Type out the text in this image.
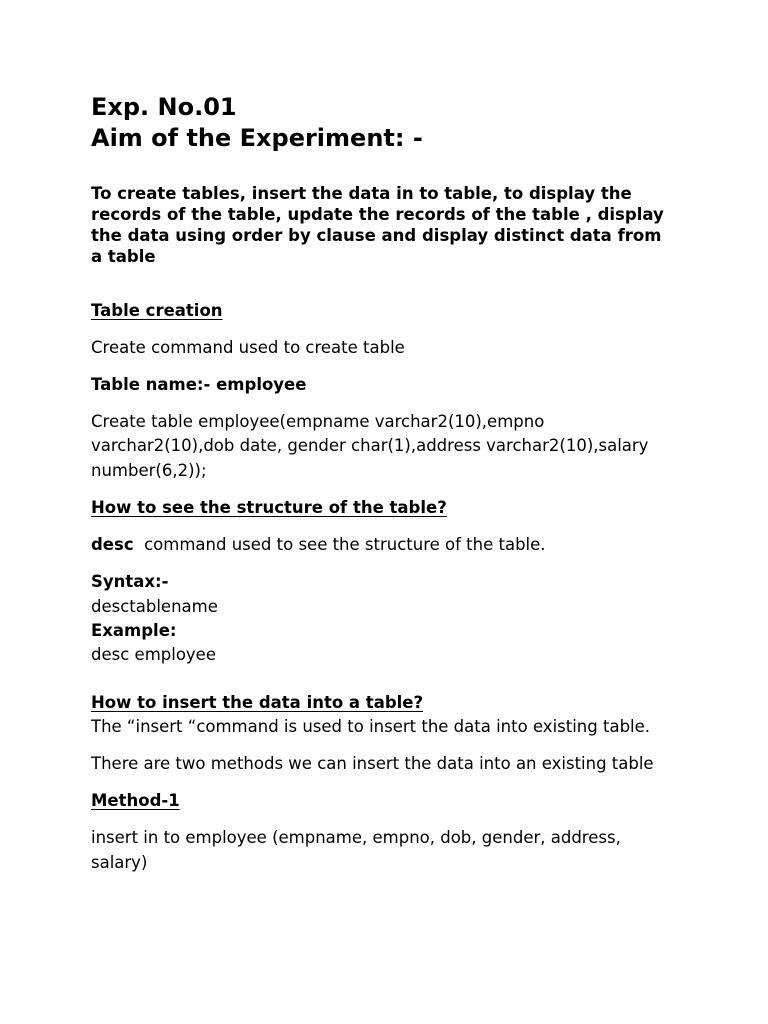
Exp. No.01
Aim of the Experiment: -
To create tables, insert the data in to table, to display the
records of the table, update the records of the table , display
the data using order by clause and display distinct data from
a table
Table creation
Create command used to create table
Table name:- employee
Create table employee(empname varchar2(10),empno
varchar2(10),dob date, gender char(1),address varchar2(10),salary
number(6,2));
How to see the structure of the table?
desc command used to see the structure of the table.
Syntax:-
desctablename
Example:
desc employee
How to insert the data into a table?
The “insert “command is used to insert the data into existing table.
There are two methods we can insert the data into an existing table
Method-1
insert in to employee (empname, empno, dob, gender, address,
salary)
